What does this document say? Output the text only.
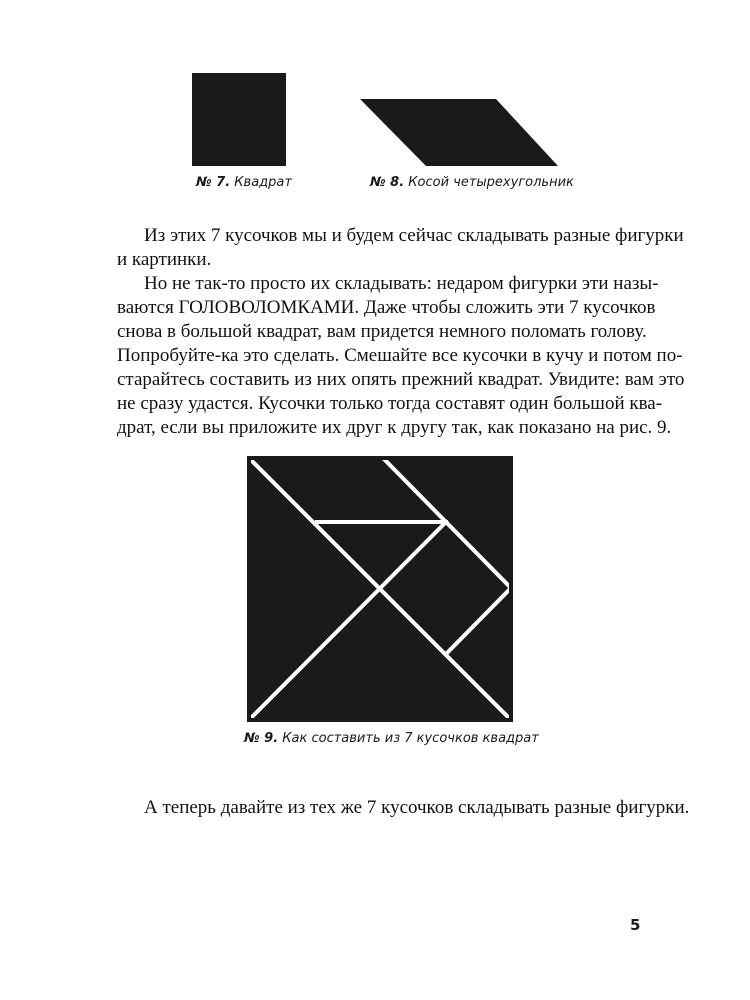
№ 7. Квадрат	№ 8. Косой четырехугольник
Из этих 7 кусочков мы и будем сейчас складывать разные фигурки
и картинки.
Но не так-то просто их складывать: недаром фигурки эти назы-
ваются ГОЛОВОЛОМКАМИ. Даже чтобы сложить эти 7 кусочков
снова в большой квадрат, вам придется немного поломать голову.
Попробуйте-ка это сделать. Смешайте все кусочки в кучу и потом по-
старайтесь составить из них опять прежний квадрат. Увидите: вам это
не сразу удастся. Кусочки только тогда составят один большой ква-
драт, если вы приложите их друг к другу так, как показано на рис. 9.
№ 9. Как составить из 7 кусочков квадрат
А теперь давайте из тех же 7 кусочков складывать разные фигурки.
5
